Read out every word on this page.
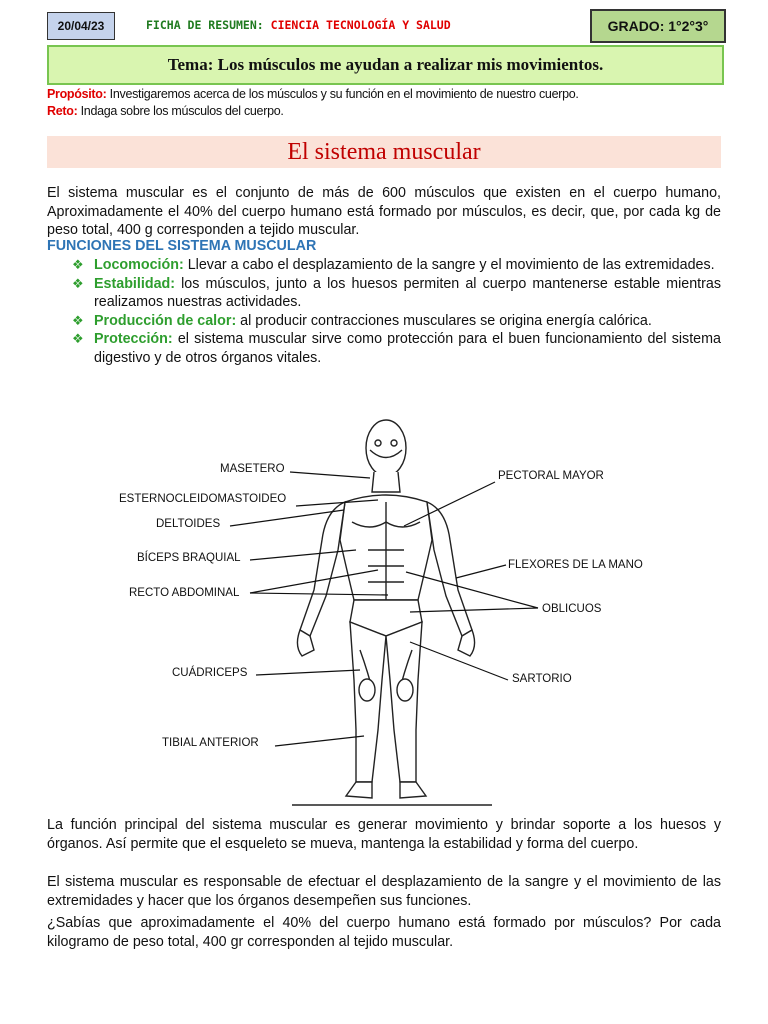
20/04/23	FICHA DE RESUMEN: CIENCIA TECNOLOGÍA Y SALUD	GRADO: 1°2°3°
Tema: Los músculos me ayudan a realizar mis movimientos.
Propósito: Investigaremos acerca de los músculos y su función en el movimiento de nuestro cuerpo.
Reto: Indaga sobre los músculos del cuerpo.
El sistema muscular
El sistema muscular es el conjunto de más de 600 músculos que existen en el cuerpo humano, Aproximadamente el 40% del cuerpo humano está formado por músculos, es decir, que, por cada kg de peso total, 400 g corresponden a tejido muscular.
FUNCIONES DEL SISTEMA MUSCULAR
❖ Locomoción: Llevar a cabo el desplazamiento de la sangre y el movimiento de las extremidades.
❖ Estabilidad: los músculos, junto a los huesos permiten al cuerpo mantenerse estable mientras realizamos nuestras actividades.
❖ Producción de calor: al producir contracciones musculares se origina energía calórica.
❖ Protección: el sistema muscular sirve como protección para el buen funcionamiento del sistema digestivo y de otros órganos vitales.
MASETERO
ESTERNOCLEIDOMASTOIDEO
DELTOIDES
BÍCEPS BRAQUIAL
RECTO ABDOMINAL
CUÁDRICEPS
TIBIAL ANTERIOR
PECTORAL MAYOR
FLEXORES DE LA MANO
OBLICUOS
SARTORIO
La función principal del sistema muscular es generar movimiento y brindar soporte a los huesos y órganos. Así permite que el esqueleto se mueva, mantenga la estabilidad y forma del cuerpo.
El sistema muscular es responsable de efectuar el desplazamiento de la sangre y el movimiento de las extremidades y hacer que los órganos desempeñen sus funciones.
¿Sabías que aproximadamente el 40% del cuerpo humano está formado por músculos? Por cada kilogramo de peso total, 400 gr corresponden al tejido muscular.
